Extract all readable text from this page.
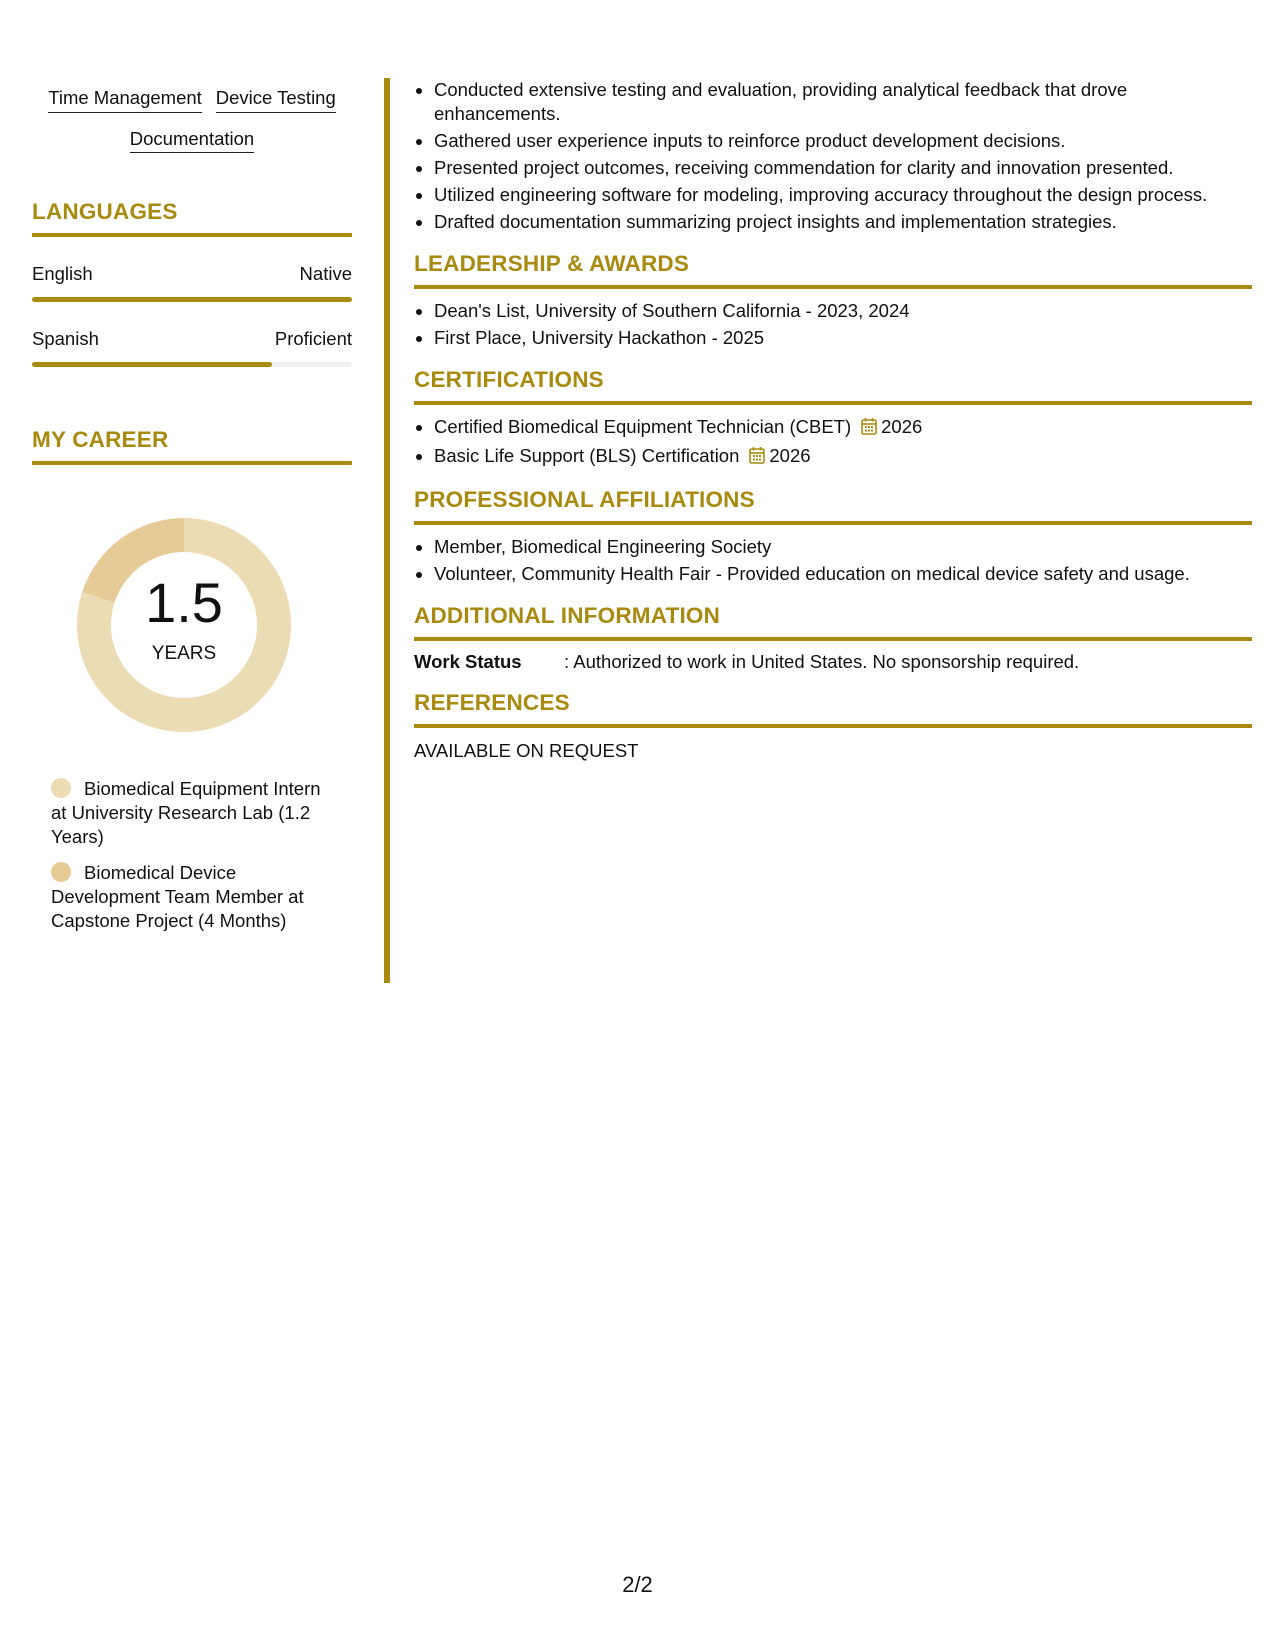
Time Management Device Testing
Documentation
LANGUAGES
English	Native
Spanish	Proficient
MY CAREER
1.5
YEARS
Biomedical Equipment Intern at University Research Lab (1.2 Years)
Biomedical Device Development Team Member at Capstone Project (4 Months)
• Conducted extensive testing and evaluation, providing analytical feedback that drove enhancements.
• Gathered user experience inputs to reinforce product development decisions.
• Presented project outcomes, receiving commendation for clarity and innovation presented.
• Utilized engineering software for modeling, improving accuracy throughout the design process.
• Drafted documentation summarizing project insights and implementation strategies.
LEADERSHIP & AWARDS
• Dean's List, University of Southern California - 2023, 2024
• First Place, University Hackathon - 2025
CERTIFICATIONS
• Certified Biomedical Equipment Technician (CBET) 2026
• Basic Life Support (BLS) Certification 2026
PROFESSIONAL AFFILIATIONS
• Member, Biomedical Engineering Society
• Volunteer, Community Health Fair - Provided education on medical device safety and usage.
ADDITIONAL INFORMATION
Work Status	: Authorized to work in United States. No sponsorship required.
REFERENCES
AVAILABLE ON REQUEST
2/2
